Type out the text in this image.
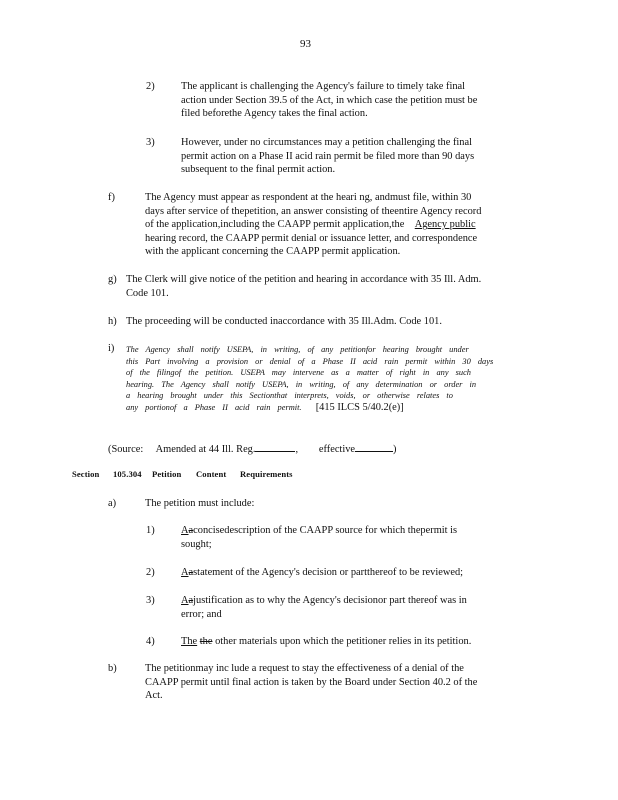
93
2)	The applicant is challenging the Agency's failure to timely take final
action under Section 39.5 of the Act, in which case the petition must be
filed beforethe Agency takes the final action.
3)	However, under no circumstances may a petition challenging the final
permit action on a Phase II acid rain permit be filed more than 90 days
subsequent to the final permit action.
f)	The Agency must appear as respondent at the heari ng, andmust file, within 30
days after service of thepetition, an answer consisting of theentire Agency record
of the application,including the CAAPP permit application,the Agency public
hearing record, the CAAPP permit denial or issuance letter, and correspondence
with the applicant concerning the CAAPP permit application.
g) The Clerk will give notice of the petition and hearing in accordance with 35 Ill. Adm.
Code 101.
h) The proceeding will be conducted inaccordance with 35 Ill.Adm. Code 101.
i) The Agency shall notify USEPA, in writing, of any petitionfor hearing brought under
this Part involving a provision or denial of a Phase II acid rain permit within 30 days
of the filingof the petition. USEPA may intervene as a matter of right in any such
hearing. The Agency shall notify USEPA, in writing, of any determination or order in
a hearing brought under this Sectionthat interprets, voids, or otherwise relates to
any portionof a Phase II acid rain permit. [415 ILCS 5/40.2(e)]
(Source: Amended at 44 Ill. Reg.	,        effective	)
Section 105.304 Petition Content Requirements
a)	The petition must include:
1)	Aaconcisedescription of the CAAPP source for which thepermit is
sought;
2)	Aastatement of the Agency's decision or partthereof to be reviewed;
3)	Aajustification as to why the Agency's decisionor part thereof was in
error; and
4)	The the other materials upon which the petitioner relies in its petition.
b)	The petitionmay inc lude a request to stay the effectiveness of a denial of the
CAAPP permit until final action is taken by the Board under Section 40.2 of the
Act.
